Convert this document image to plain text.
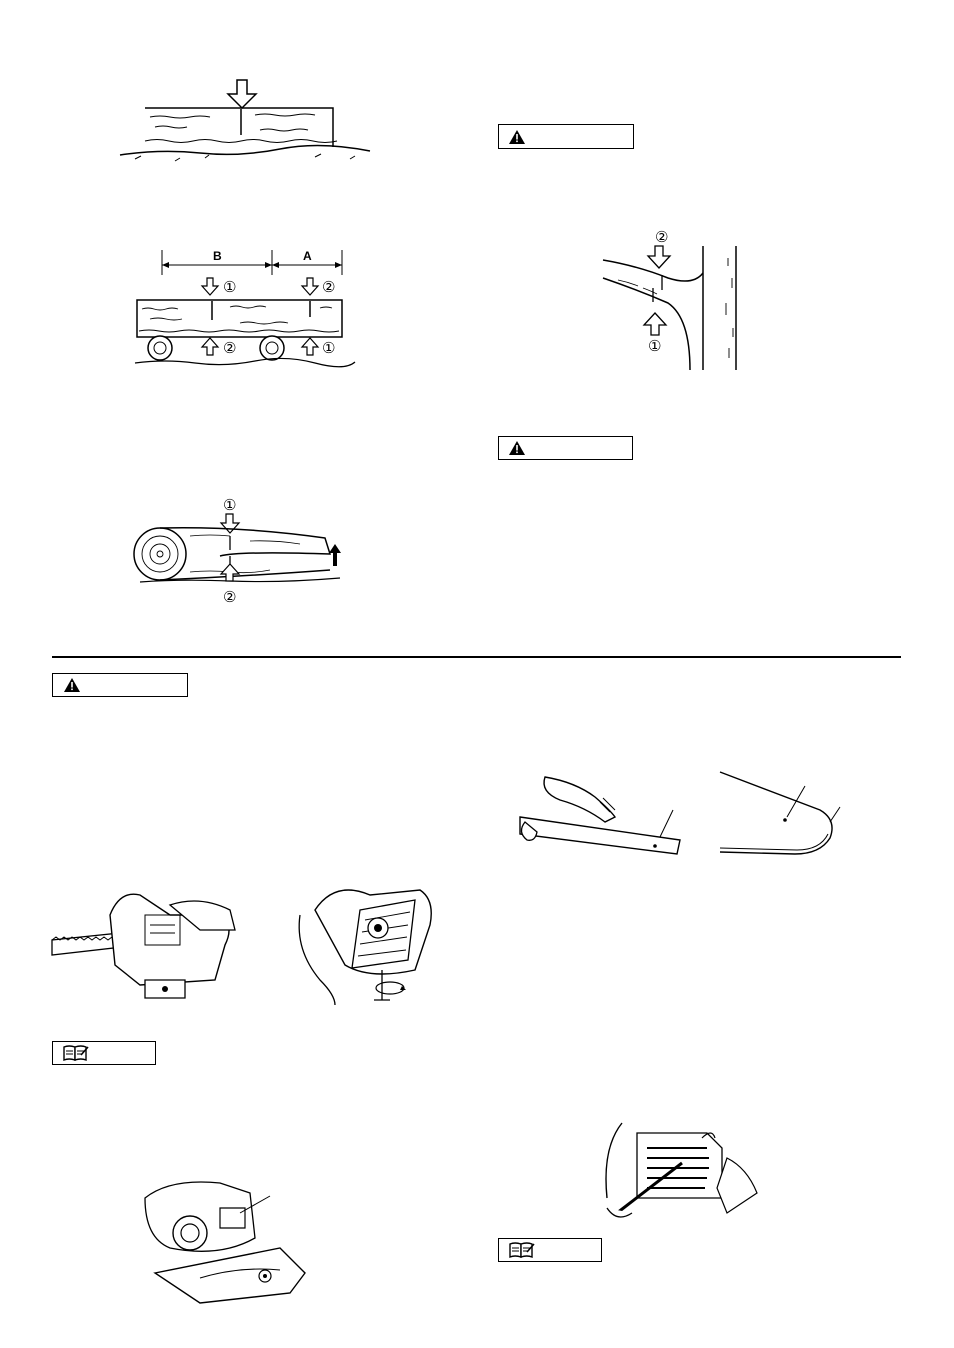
B	A
①	②
②	①
②
①
①
②
